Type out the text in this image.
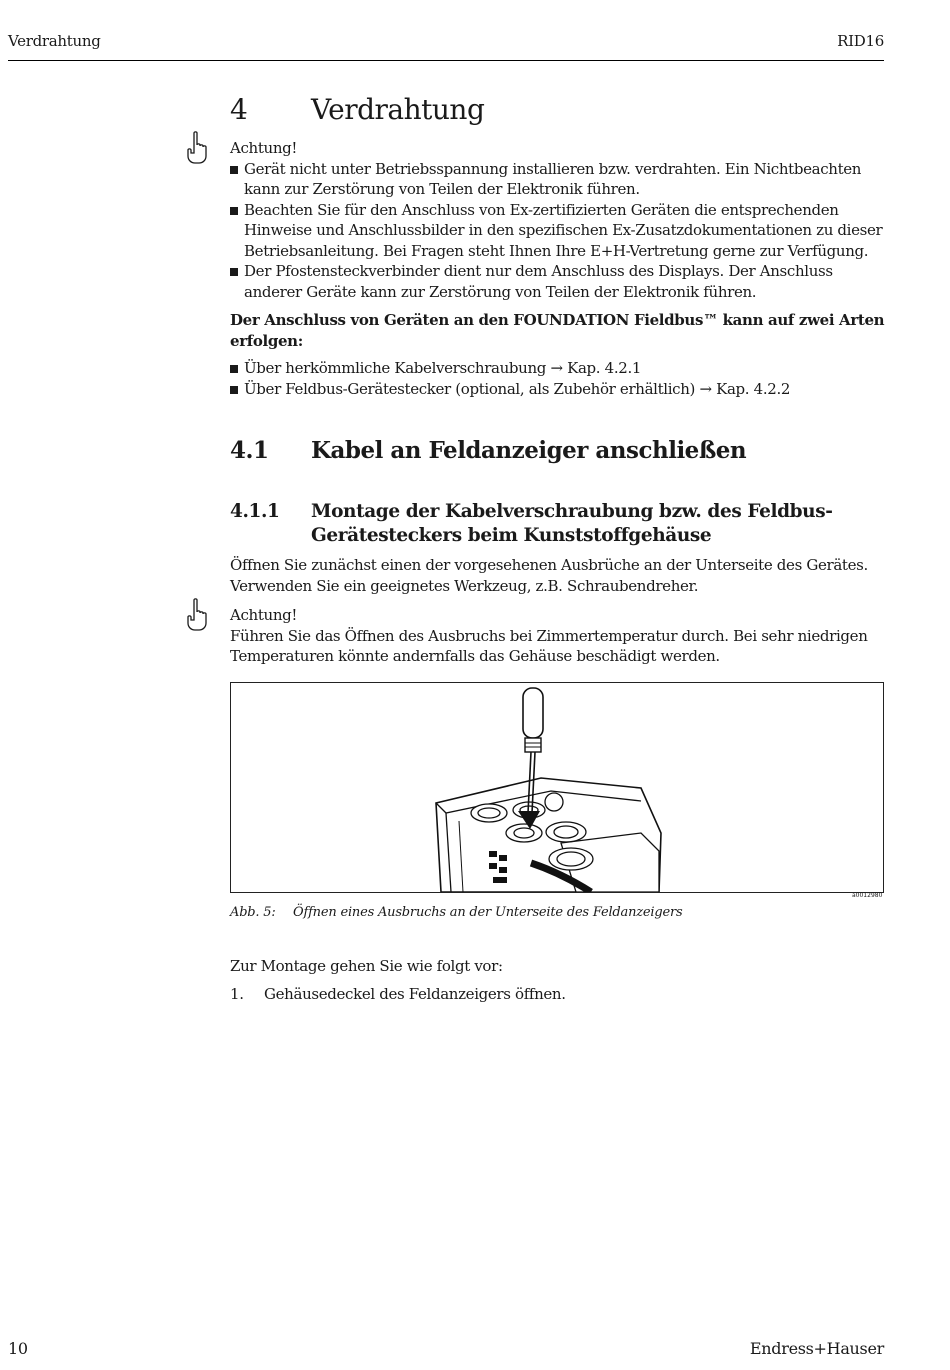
Verdrahtung	RID16
4 Verdrahtung
Achtung!
Gerät nicht unter Betriebsspannung installieren bzw. verdrahten. Ein Nichtbeachten kann zur Zerstörung von Teilen der Elektronik führen.
Beachten Sie für den Anschluss von Ex-zertifizierten Geräten die entsprechenden Hinweise und Anschlussbilder in den spezifischen Ex-Zusatzdokumentationen zu dieser Betriebsanleitung. Bei Fragen steht Ihnen Ihre E+H-Vertretung gerne zur Verfügung.
Der Pfostensteckverbinder dient nur dem Anschluss des Displays. Der Anschluss anderer Geräte kann zur Zerstörung von Teilen der Elektronik führen.
Der Anschluss von Geräten an den FOUNDATION Fieldbus™ kann auf zwei Arten erfolgen:
Über herkömmliche Kabelverschraubung → Kap. 4.2.1
Über Feldbus-Gerätestecker (optional, als Zubehör erhältlich) → Kap. 4.2.2
4.1 Kabel an Feldanzeiger anschließen
4.1.1 Montage der Kabelverschraubung bzw. des Feldbus-Gerätesteckers beim Kunststoffgehäuse
Öffnen Sie zunächst einen der vorgesehenen Ausbrüche an der Unterseite des Gerätes. Verwenden Sie ein geeignetes Werkzeug, z.B. Schraubendreher.
Achtung!
Führen Sie das Öffnen des Ausbruchs bei Zimmertemperatur durch. Bei sehr niedrigen Temperaturen könnte andernfalls das Gehäuse beschädigt werden.
a0012980
Abb. 5: Öffnen eines Ausbruchs an der Unterseite des Feldanzeigers
Zur Montage gehen Sie wie folgt vor:
1. Gehäusedeckel des Feldanzeigers öffnen.
10	Endress+Hauser
